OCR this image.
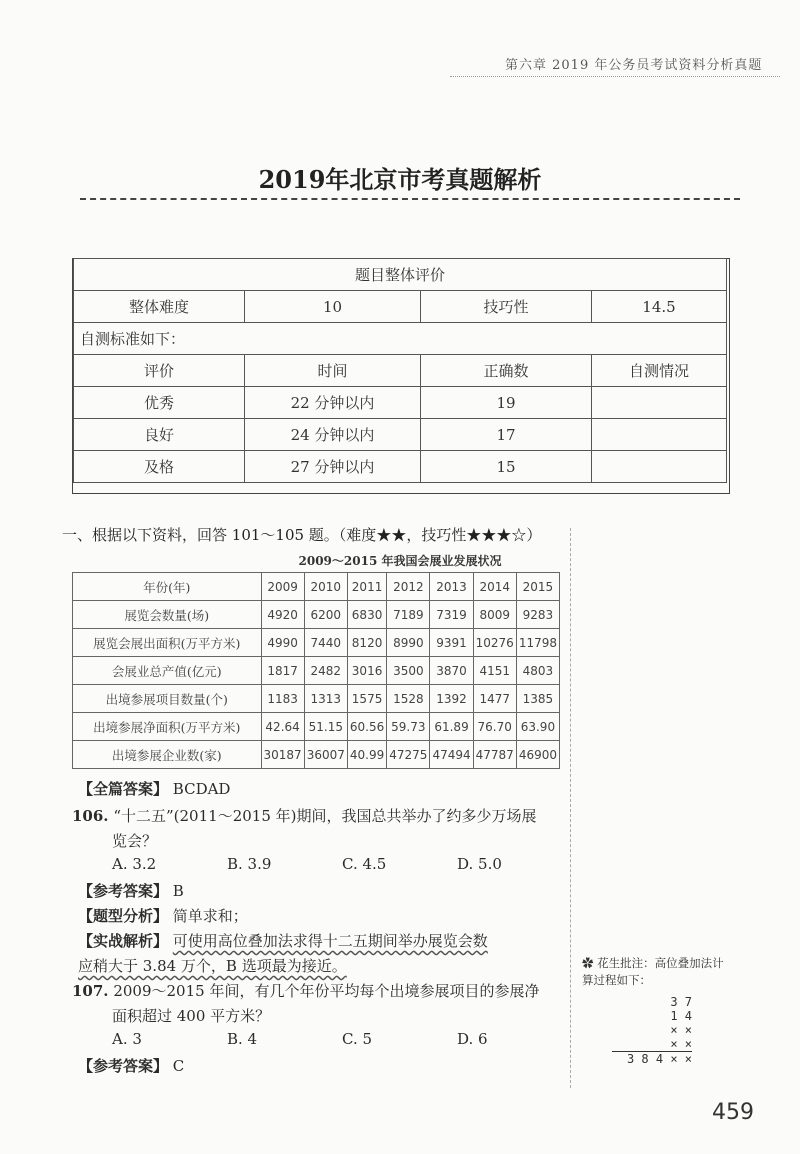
第六章 2019 年公务员考试资料分析真题
2019年北京市考真题解析
题目整体评价			
整体难度	10	技巧性	14.5
自测标准如下：			
评价	时间	正确数	自测情况
优秀	22 分钟以内	19	
良好	24 分钟以内	17	
及格	27 分钟以内	15	
一、根据以下资料，回答 101～105 题。（难度★★，技巧性★★★☆）
2009～2015 年我国会展业发展状况
年份(年)	2009	2010	2011	2012	2013	2014	2015
展览会数量(场)	4920	6200	6830	7189	7319	8009	9283
展览会展出面积(万平方米)	4990	7440	8120	8990	9391	10276	11798
会展业总产值(亿元)	1817	2482	3016	3500	3870	4151	4803
出境参展项目数量(个)	1183	1313	1575	1528	1392	1477	1385
出境参展净面积(万平方米)	42.64	51.15	60.56	59.73	61.89	76.70	63.90
出境参展企业数(家)	30187	36007	40.99	47275	47494	47787	46900
【全篇答案】 BCDAD
106. “十二五”(2011～2015 年)期间，我国总共举办了约多少万场展
览会？
A. 3.2	B. 3.9	C. 4.5	D. 5.0
【参考答案】 B
【题型分析】 简单求和；
【实战解析】 可使用高位叠加法求得十二五期间举办展览会数
应稍大于 3.84 万个，B 选项最为接近。
107. 2009～2015 年间，有几个年份平均每个出境参展项目的参展净
面积超过 400 平方米？
A. 3	B. 4	C. 5	D. 6
【参考答案】 C
✿ 花生批注：高位叠加法计
算过程如下：
3 7
1 4
× ×
× ×
3 8 4 × ×
459
